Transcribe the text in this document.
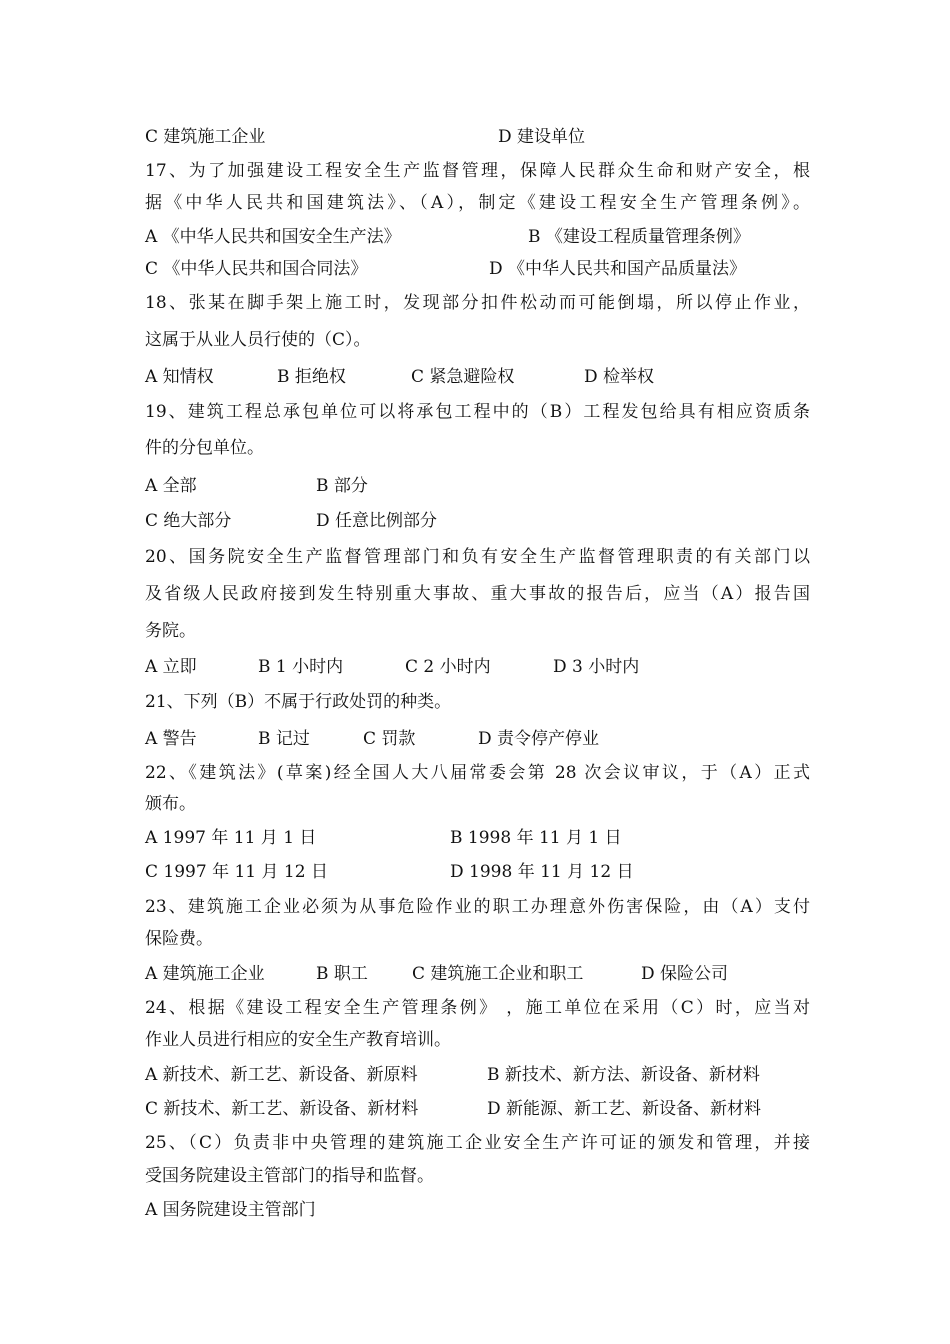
C 建筑施工企业	D 建设单位
17、为了加强建设工程安全生产监督管理，保障人民群众生命和财产安全，根
据《中华人民共和国建筑法》、（A），制定《建设工程安全生产管理条例》。
A 《中华人民共和国安全生产法》	B 《建设工程质量管理条例》
C 《中华人民共和国合同法》	D 《中华人民共和国产品质量法》
18、张某在脚手架上施工时，发现部分扣件松动而可能倒塌，所以停止作业，
这属于从业人员行使的（C）。
A 知情权	B 拒绝权	C 紧急避险权	D 检举权
19、建筑工程总承包单位可以将承包工程中的（B）工程发包给具有相应资质条
件的分包单位。
A 全部	B 部分
C 绝大部分	D 任意比例部分
20、国务院安全生产监督管理部门和负有安全生产监督管理职责的有关部门以
及省级人民政府接到发生特别重大事故、重大事故的报告后，应当（A）报告国
务院。
A 立即	B 1 小时内	C 2 小时内	D 3 小时内
21、下列（B）不属于行政处罚的种类。
A 警告	B 记过	C 罚款	D 责令停产停业
22、《建筑法》(草案)经全国人大八届常委会第 28 次会议审议，于（A）正式
颁布。
A 1997 年 11 月 1 日	B 1998 年 11 月 1 日
C 1997 年 11 月 12 日	D 1998 年 11 月 12 日
23、建筑施工企业必须为从事危险作业的职工办理意外伤害保险，由（A）支付
保险费。
A 建筑施工企业	B 职工	C 建筑施工企业和职工	D 保险公司
24、根据《建设工程安全生产管理条例》 ，施工单位在采用（C）时，应当对
作业人员进行相应的安全生产教育培训。
A 新技术、新工艺、新设备、新原料	B 新技术、新方法、新设备、新材料
C 新技术、新工艺、新设备、新材料	D 新能源、新工艺、新设备、新材料
25、（C）负责非中央管理的建筑施工企业安全生产许可证的颁发和管理，并接
受国务院建设主管部门的指导和监督。
A 国务院建设主管部门
